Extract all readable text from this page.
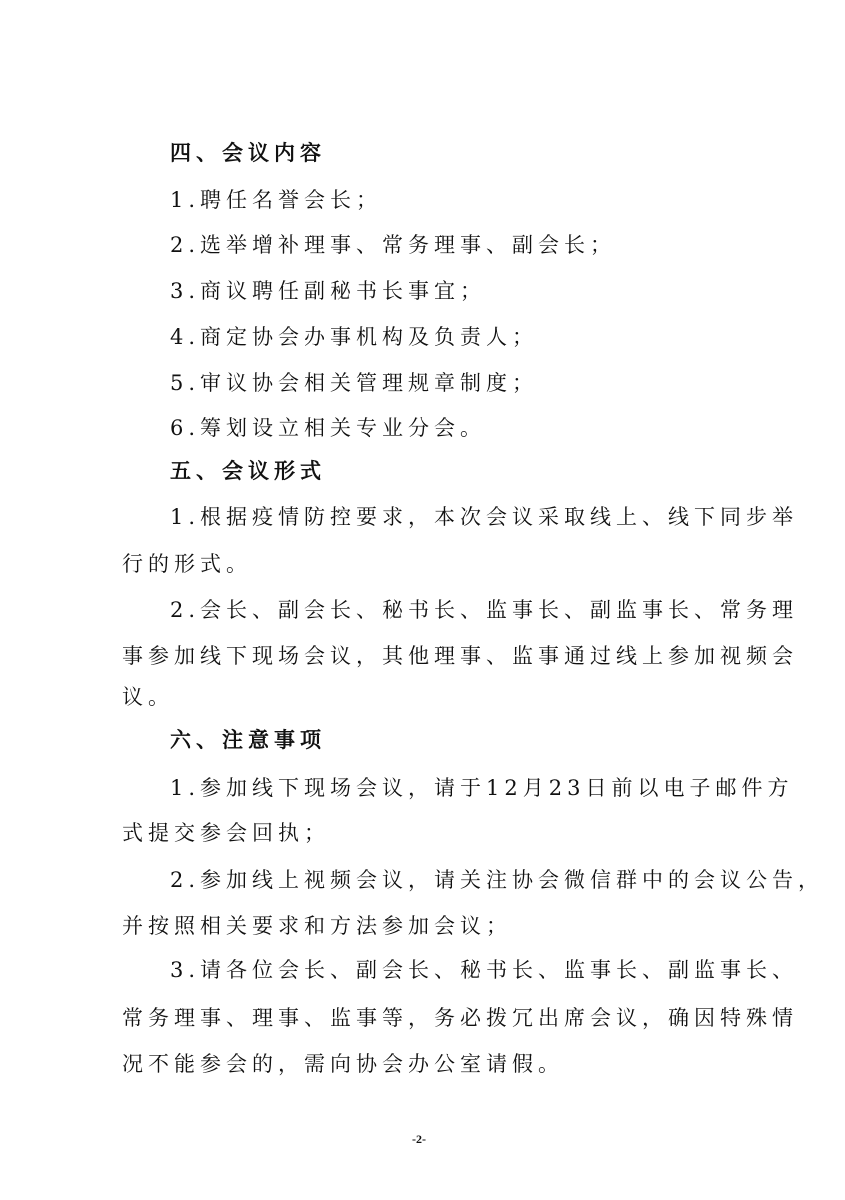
四、会议内容
1.聘任名誉会长；
2.选举增补理事、常务理事、副会长；
3.商议聘任副秘书长事宜；
4.商定协会办事机构及负责人；
5.审议协会相关管理规章制度；
6.筹划设立相关专业分会。
五、会议形式
1.根据疫情防控要求，本次会议采取线上、线下同步举
行的形式。
2.会长、副会长、秘书长、监事长、副监事长、常务理
事参加线下现场会议，其他理事、监事通过线上参加视频会
议。
六、注意事项
1.参加线下现场会议，请于12月23日前以电子邮件方
式提交参会回执；
2.参加线上视频会议，请关注协会微信群中的会议公告，
并按照相关要求和方法参加会议；
3.请各位会长、副会长、秘书长、监事长、副监事长、
常务理事、理事、监事等，务必拨冗出席会议，确因特殊情
况不能参会的，需向协会办公室请假。
-2-
